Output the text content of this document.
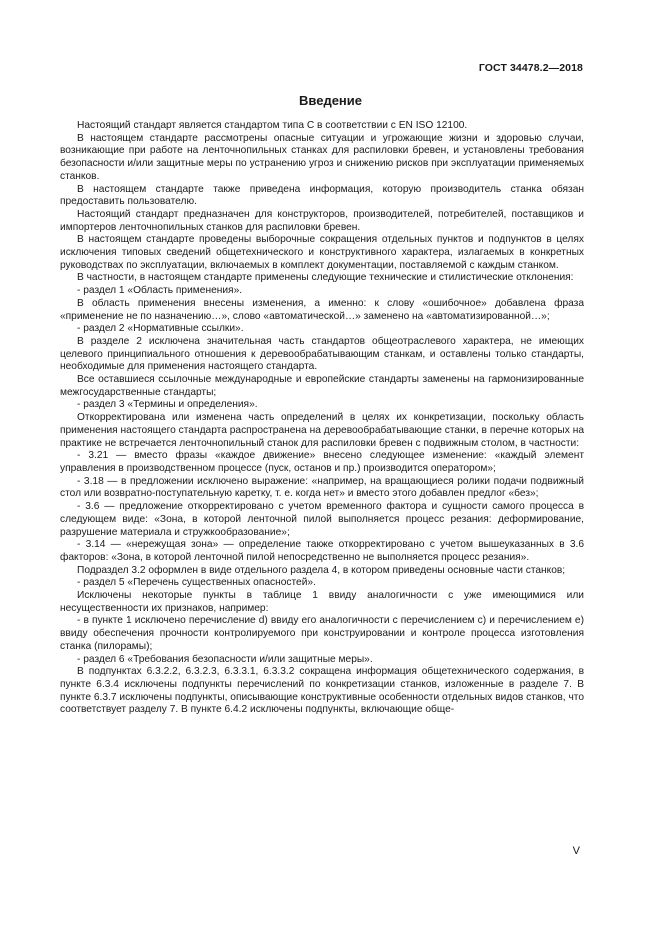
ГОСТ 34478.2—2018
Введение

Настоящий стандарт является стандартом типа С в соответствии с EN ISO 12100.

В настоящем стандарте рассмотрены опасные ситуации и угрожающие жизни и здоровью случаи, возникающие при работе на ленточнопильных станках для распиловки бревен, и установлены требования безопасности и/или защитные меры по устранению угроз и снижению рисков при эксплуатации применяемых станков.

В настоящем стандарте также приведена информация, которую производитель станка обязан предоставить пользователю.

Настоящий стандарт предназначен для конструкторов, производителей, потребителей, поставщиков и импортеров ленточнопильных станков для распиловки бревен.

В настоящем стандарте проведены выборочные сокращения отдельных пунктов и подпунктов в целях исключения типовых сведений общетехнического и конструктивного характера, излагаемых в конкретных руководствах по эксплуатации, включаемых в комплект документации, поставляемой с каждым станком.

В частности, в настоящем стандарте применены следующие технические и стилистические отклонения:

- раздел 1 «Область применения».

В область применения внесены изменения, а именно: к слову «ошибочное» добавлена фраза «применение не по назначению…», слово «автоматической…» заменено на «автоматизированной…»;

- раздел 2 «Нормативные ссылки».

В разделе 2 исключена значительная часть стандартов общеотраслевого характера, не имеющих целевого принципиального отношения к деревообрабатывающим станкам, и оставлены только стандарты, необходимые для применения настоящего стандарта.

Все оставшиеся ссылочные международные и европейские стандарты заменены на гармонизированные межгосударственные стандарты;

- раздел 3 «Термины и определения».

Откорректирована или изменена часть определений в целях их конкретизации, поскольку область применения настоящего стандарта распространена на деревообрабатывающие станки, в перечне которых на практике не встречается ленточнопильный станок для распиловки бревен с подвижным столом, в частности:

- 3.21 — вместо фразы «каждое движение» внесено следующее изменение: «каждый элемент управления в производственном процессе (пуск, останов и пр.) производится оператором»;

- 3.18 — в предложении исключено выражение: «например, на вращающиеся ролики подачи подвижный стол или возвратно-поступательную каретку, т. е. когда нет» и вместо этого добавлен предлог «без»;

- 3.6 — предложение откорректировано с учетом временного фактора и сущности самого процесса в следующем виде: «Зона, в которой ленточной пилой выполняется процесс резания: деформирование, разрушение материала и стружкообразование»;

- 3.14 — «нережущая зона» — определение также откорректировано с учетом вышеуказанных в 3.6 факторов: «Зона, в которой ленточной пилой непосредственно не выполняется процесс резания».

Подраздел 3.2 оформлен в виде отдельного раздела 4, в котором приведены основные части станков;

- раздел 5 «Перечень существенных опасностей».

Исключены некоторые пункты в таблице 1 ввиду аналогичности с уже имеющимися или несущественности их признаков, например:

- в пункте 1 исключено перечисление d) ввиду его аналогичности с перечислением с) и перечислением е) ввиду обеспечения прочности контролируемого при конструировании и контроле процесса изготовления станка (пилорамы);

- раздел 6 «Требования безопасности и/или защитные меры».

В подпунктах 6.3.2.2, 6.3.2.3, 6.3.3.1, 6.3.3.2 сокращена информация общетехнического содержания, в пункте 6.3.4 исключены подпункты перечислений по конкретизации станков, изложенные в разделе 7. В пункте 6.3.7 исключены подпункты, описывающие конструктивные особенности отдельных видов станков, что соответствует разделу 7. В пункте 6.4.2 исключены подпункты, включающие обще-

V
